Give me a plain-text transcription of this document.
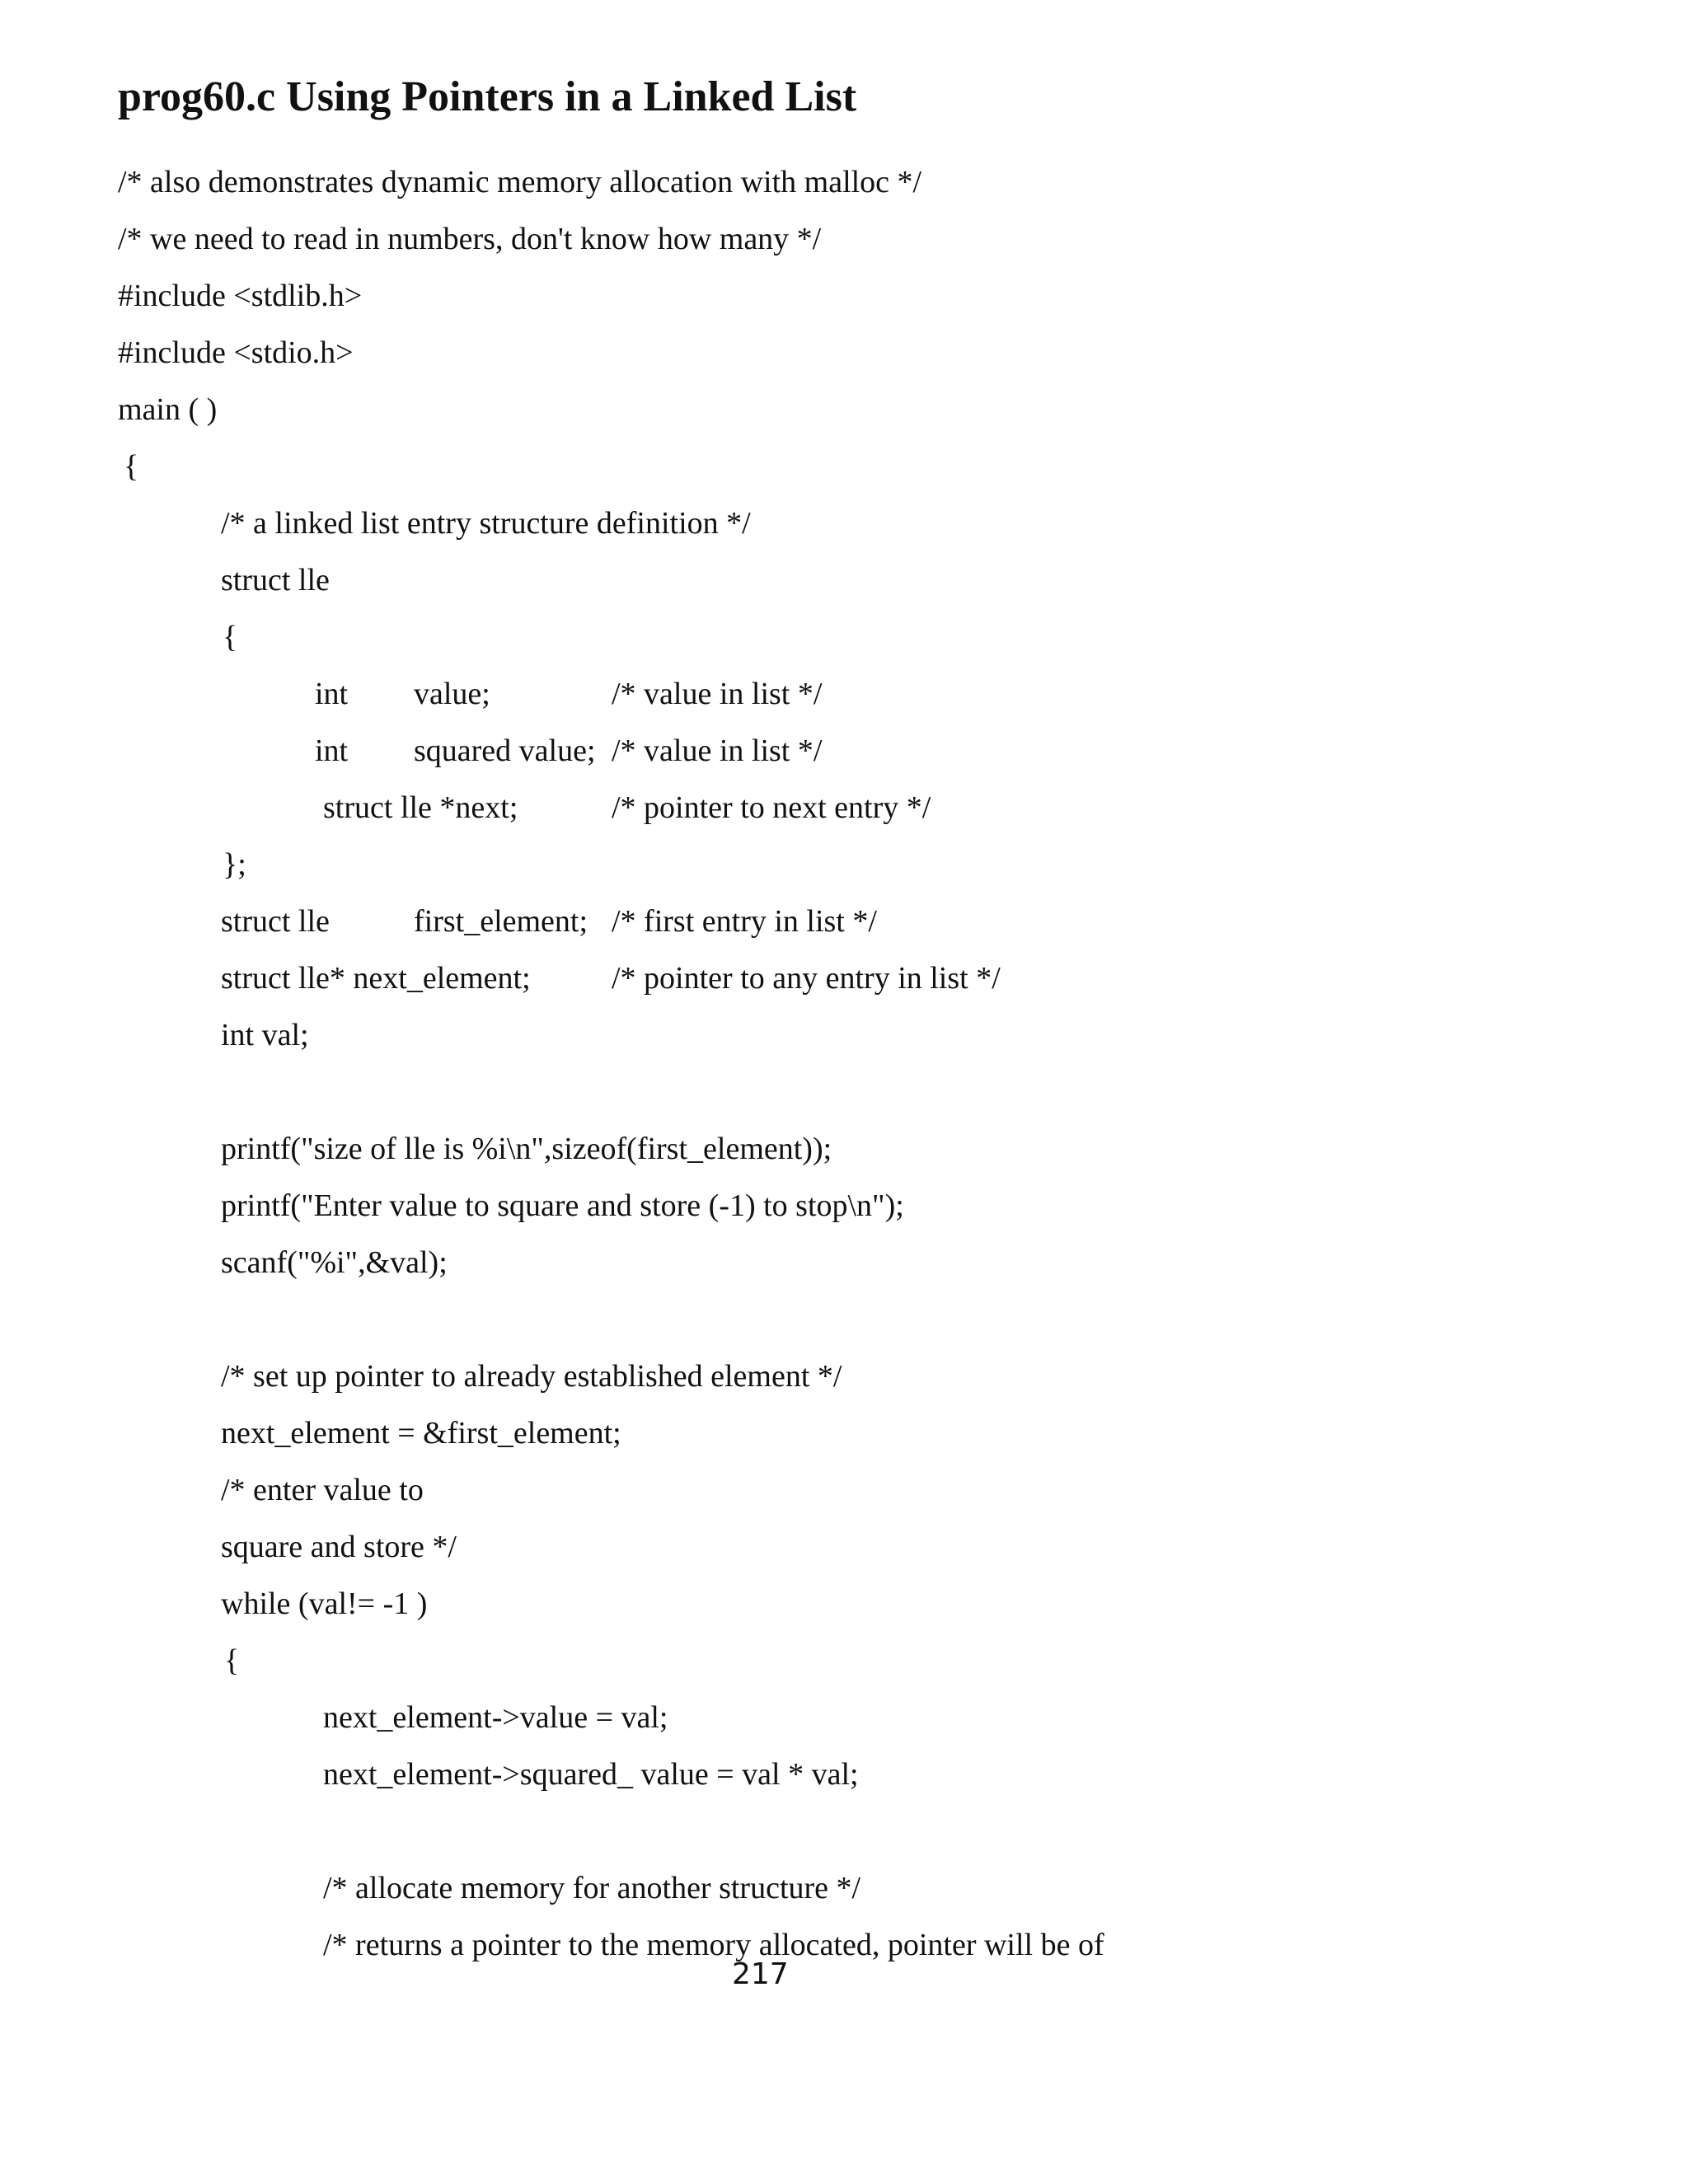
prog60.c Using Pointers in a Linked List
/* also demonstrates dynamic memory allocation with malloc */
/* we need to read in numbers, don't know how many */
#include <stdlib.h>
#include <stdio.h>
main ( )
{
/* a linked list entry structure definition */
struct lle
{
int value;	/* value in list */
int squared value; /* value in list */
struct lle *next;	/* pointer to next entry */
};
struct lle	first_element; /* first entry in list */
struct lle* next_element;	/* pointer to any entry in list */
int val;
printf("size of lle is %i\n",sizeof(first_element));
printf("Enter value to square and store (-1) to stop\n");
scanf("%i",&val);
/* set up pointer to already established element */
next_element = &first_element;
/* enter value to
square and store */
while (val!= -1 )
{
next_element->value = val;
next_element->squared_ value = val * val;
/* allocate memory for another structure */
/* returns a pointer to the memory allocated, pointer will be of
217
